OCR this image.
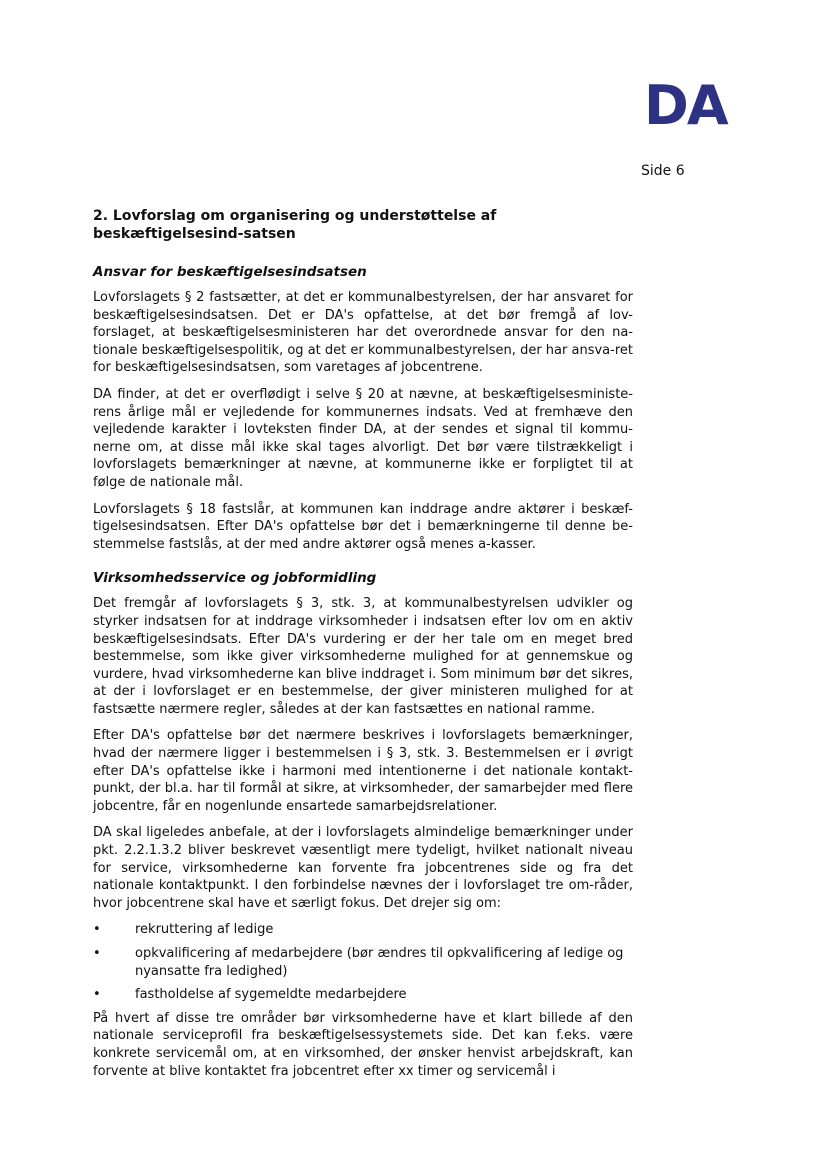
DA
Side 6
2. Lovforslag om organisering og understøttelse af beskæftigelsesind-satsen
Ansvar for beskæftigelsesindsatsen

Lovforslagets § 2 fastsætter, at det er kommunalbestyrelsen, der har ansvaret for beskæftigelsesindsatsen. Det er DA's opfattelse, at det bør fremgå af lov-forslaget, at beskæftigelsesministeren har det overordnede ansvar for den na-tionale beskæftigelsespolitik, og at det er kommunalbestyrelsen, der har ansva-ret for beskæftigelsesindsatsen, som varetages af jobcentrene.

DA finder, at det er overflødigt i selve § 20 at nævne, at beskæftigelsesministe-rens årlige mål er vejledende for kommunernes indsats. Ved at fremhæve den vejledende karakter i lovteksten finder DA, at der sendes et signal til kommu-nerne om, at disse mål ikke skal tages alvorligt. Det bør være tilstrækkeligt i lovforslagets bemærkninger at nævne, at kommunerne ikke er forpligtet til at følge de nationale mål.

Lovforslagets § 18 fastslår, at kommunen kan inddrage andre aktører i beskæf-tigelsesindsatsen. Efter DA's opfattelse bør det i bemærkningerne til denne be-stemmelse fastslås, at der med andre aktører også menes a-kasser.

Virksomhedsservice og jobformidling

Det fremgår af lovforslagets § 3, stk. 3, at kommunalbestyrelsen udvikler og styrker indsatsen for at inddrage virksomheder i indsatsen efter lov om en aktiv beskæftigelsesindsats. Efter DA's vurdering er der her tale om en meget bred bestemmelse, som ikke giver virksomhederne mulighed for at gennemskue og vurdere, hvad virksomhederne kan blive inddraget i. Som minimum bør det sikres, at der i lovforslaget er en bestemmelse, der giver ministeren mulighed for at fastsætte nærmere regler, således at der kan fastsættes en national ramme.

Efter DA's opfattelse bør det nærmere beskrives i lovforslagets bemærkninger, hvad der nærmere ligger i bestemmelsen i § 3, stk. 3. Bestemmelsen er i øvrigt efter DA's opfattelse ikke i harmoni med intentionerne i det nationale kontakt-punkt, der bl.a. har til formål at sikre, at virksomheder, der samarbejder med flere jobcentre, får en nogenlunde ensartede samarbejdsrelationer.

DA skal ligeledes anbefale, at der i lovforslagets almindelige bemærkninger under pkt. 2.2.1.3.2 bliver beskrevet væsentligt mere tydeligt, hvilket nationalt niveau for service, virksomhederne kan forvente fra jobcentrenes side og fra det nationale kontaktpunkt. I den forbindelse nævnes der i lovforslaget tre om-råder, hvor jobcentrene skal have et særligt fokus. Det drejer sig om:

•	rekruttering af ledige
•	opkvalificering af medarbejdere (bør ændres til opkvalificering af ledige og nyansatte fra ledighed)
•	fastholdelse af sygemeldte medarbejdere

På hvert af disse tre områder bør virksomhederne have et klart billede af den nationale serviceprofil fra beskæftigelsessystemets side. Det kan f.eks. være konkrete servicemål om, at en virksomhed, der ønsker henvist arbejdskraft, kan forvente at blive kontaktet fra jobcentret efter xx timer og servicemål i
